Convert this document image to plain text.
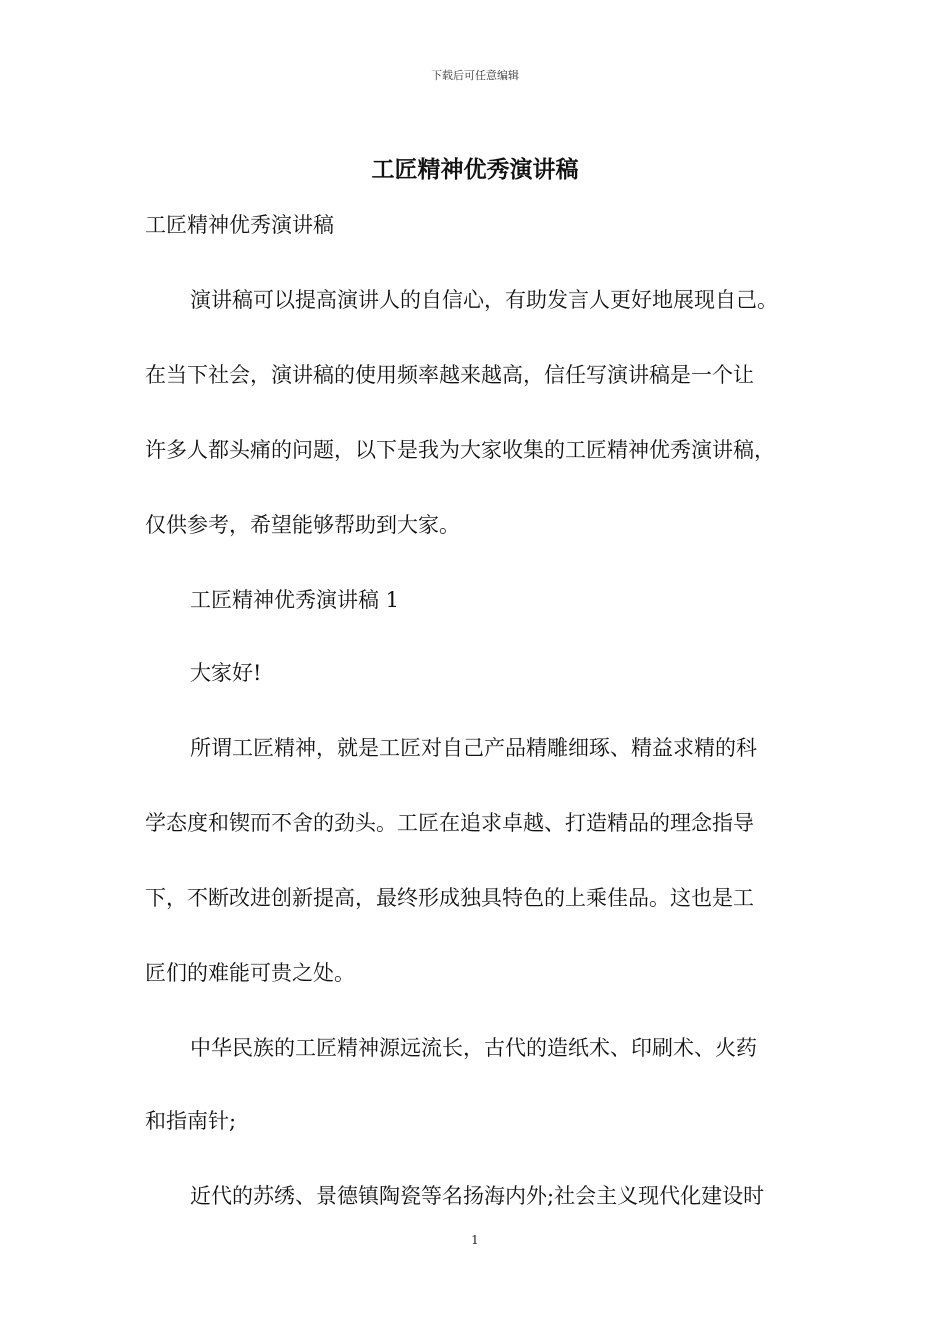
下载后可任意编辑
工匠精神优秀演讲稿

工匠精神优秀演讲稿

演讲稿可以提高演讲人的自信心，有助发言人更好地展现自己。

在当下社会，演讲稿的使用频率越来越高，信任写演讲稿是一个让

许多人都头痛的问题，以下是我为大家收集的工匠精神优秀演讲稿，

仅供参考，希望能够帮助到大家。

工匠精神优秀演讲稿 1

大家好!

所谓工匠精神，就是工匠对自己产品精雕细琢、精益求精的科

学态度和锲而不舍的劲头。工匠在追求卓越、打造精品的理念指导

下，不断改进创新提高，最终形成独具特色的上乘佳品。这也是工

匠们的难能可贵之处。

中华民族的工匠精神源远流长，古代的造纸术、印刷术、火药

和指南针;

近代的苏绣、景德镇陶瓷等名扬海内外;社会主义现代化建设时

1
